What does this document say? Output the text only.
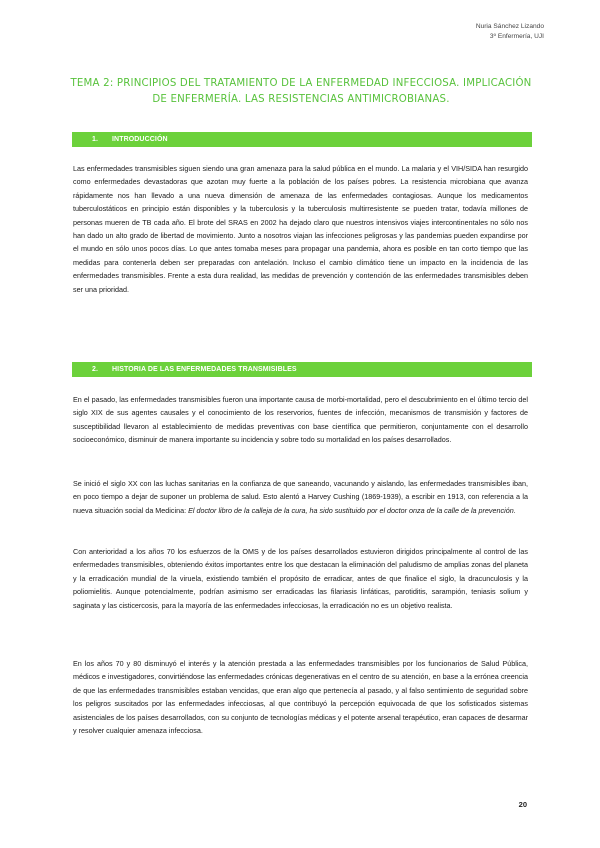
Nuria Sánchez Lizando
3º Enfermería, UJI
TEMA 2: PRINCIPIOS DEL TRATAMIENTO DE LA ENFERMEDAD INFECCIOSA. IMPLICACIÓN DE ENFERMERÍA. LAS RESISTENCIAS ANTIMICROBIANAS.
1. INTRODUCCIÓN

Las enfermedades transmisibles siguen siendo una gran amenaza para la salud pública en el mundo. La malaria y el VIH/SIDA han resurgido como enfermedades devastadoras que azotan muy fuerte a la población de los países pobres. La resistencia microbiana que avanza rápidamente nos han llevado a una nueva dimensión de amenaza de las enfermedades contagiosas. Aunque los medicamentos tuberculostáticos en principio están disponibles y la tuberculosis y la tuberculosis multirresistente se pueden tratar, todavía millones de personas mueren de TB cada año. El brote del SRAS en 2002 ha dejado claro que nuestros intensivos viajes intercontinentales no sólo nos han dado un alto grado de libertad de movimiento. Junto a nosotros viajan las infecciones peligrosas y las pandemias pueden expandirse por el mundo en sólo unos pocos días. Lo que antes tomaba meses para propagar una pandemia, ahora es posible en tan corto tiempo que las medidas para contenerla deben ser preparadas con antelación. Incluso el cambio climático tiene un impacto en la incidencia de las enfermedades transmisibles. Frente a esta dura realidad, las medidas de prevención y contención de las enfermedades transmisibles deben ser una prioridad.

2. HISTORIA DE LAS ENFERMEDADES TRANSMISIBLES

En el pasado, las enfermedades transmisibles fueron una importante causa de morbi-mortalidad, pero el descubrimiento en el último tercio del siglo XIX de sus agentes causales y el conocimiento de los reservorios, fuentes de infección, mecanismos de transmisión y factores de susceptibilidad llevaron al establecimiento de medidas preventivas con base científica que permitieron, conjuntamente con el desarrollo socioeconómico, disminuir de manera importante su incidencia y sobre todo su mortalidad en los países desarrollados.

Se inició el siglo XX con las luchas sanitarias en la confianza de que saneando, vacunando y aislando, las enfermedades transmisibles iban, en poco tiempo a dejar de suponer un problema de salud. Esto alentó a Harvey Cushing (1869-1939), a escribir en 1913, con referencia a la nueva situación social da Medicina: El doctor libro de la calleja de la cura, ha sido sustituido por el doctor onza de la calle de la prevención.

Con anterioridad a los años 70 los esfuerzos de la OMS y de los países desarrollados estuvieron dirigidos principalmente al control de las enfermedades transmisibles, obteniendo éxitos importantes entre los que destacan la eliminación del paludismo de amplias zonas del planeta y la erradicación mundial de la viruela, existiendo también el propósito de erradicar, antes de que finalice el siglo, la dracunculosis y la poliomielitis. Aunque potencialmente, podrían asimismo ser erradicadas las filariasis linfáticas, parotiditis, sarampión, teniasis solium y saginata y las cisticercosis, para la mayoría de las enfermedades infecciosas, la erradicación no es un objetivo realista.

En los años 70 y 80 disminuyó el interés y la atención prestada a las enfermedades transmisibles por los funcionarios de Salud Pública, médicos e investigadores, convirtiéndose las enfermedades crónicas degenerativas en el centro de su atención, en base a la errónea creencia de que las enfermedades transmisibles estaban vencidas, que eran algo que pertenecía al pasado, y al falso sentimiento de seguridad sobre los peligros suscitados por las enfermedades infecciosas, al que contribuyó la percepción equivocada de que los sofisticados sistemas asistenciales de los países desarrollados, con su conjunto de tecnologías médicas y el potente arsenal terapéutico, eran capaces de desarmar y resolver cualquier amenaza infecciosa.

20
